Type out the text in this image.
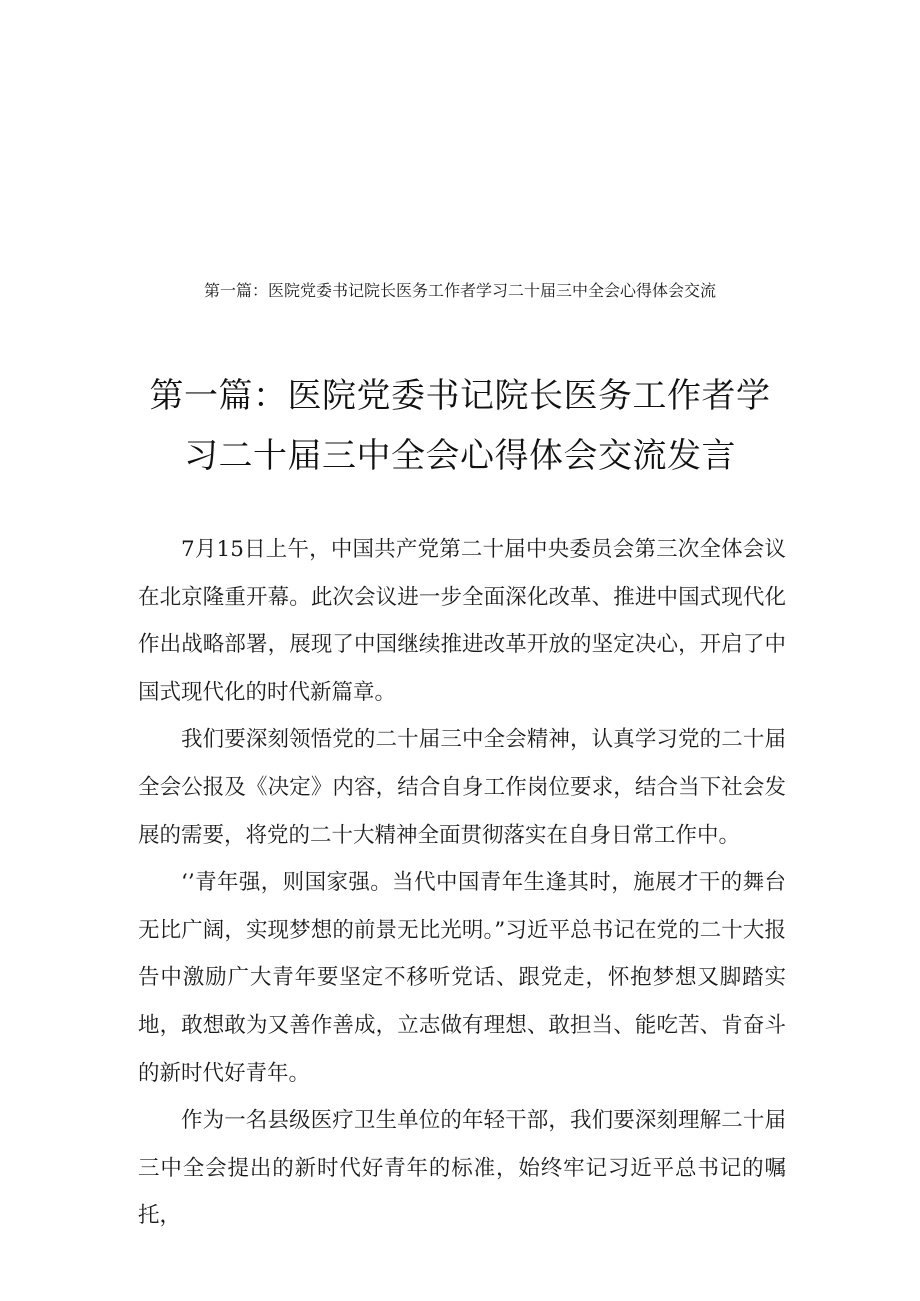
第一篇：医院党委书记院长医务工作者学习二十届三中全会心得体会交流
第一篇：医院党委书记院长医务工作者学
习二十届三中全会心得体会交流发言

7月15日上午，中国共产党第二十届中央委员会第三次全体会议在北京隆重开幕。此次会议进一步全面深化改革、推进中国式现代化作出战略部署，展现了中国继续推进改革开放的坚定决心，开启了中国式现代化的时代新篇章。

我们要深刻领悟党的二十届三中全会精神，认真学习党的二十届全会公报及《决定》内容，结合自身工作岗位要求，结合当下社会发展的需要，将党的二十大精神全面贯彻落实在自身日常工作中。

‘’青年强，则国家强。当代中国青年生逢其时，施展才干的舞台无比广阔，实现梦想的前景无比光明。”习近平总书记在党的二十大报告中激励广大青年要坚定不移听党话、跟党走，怀抱梦想又脚踏实地，敢想敢为又善作善成，立志做有理想、敢担当、能吃苦、肯奋斗的新时代好青年。

作为一名县级医疗卫生单位的年轻干部，我们要深刻理解二十届三中全会提出的新时代好青年的标准，始终牢记习近平总书记的嘱托，
